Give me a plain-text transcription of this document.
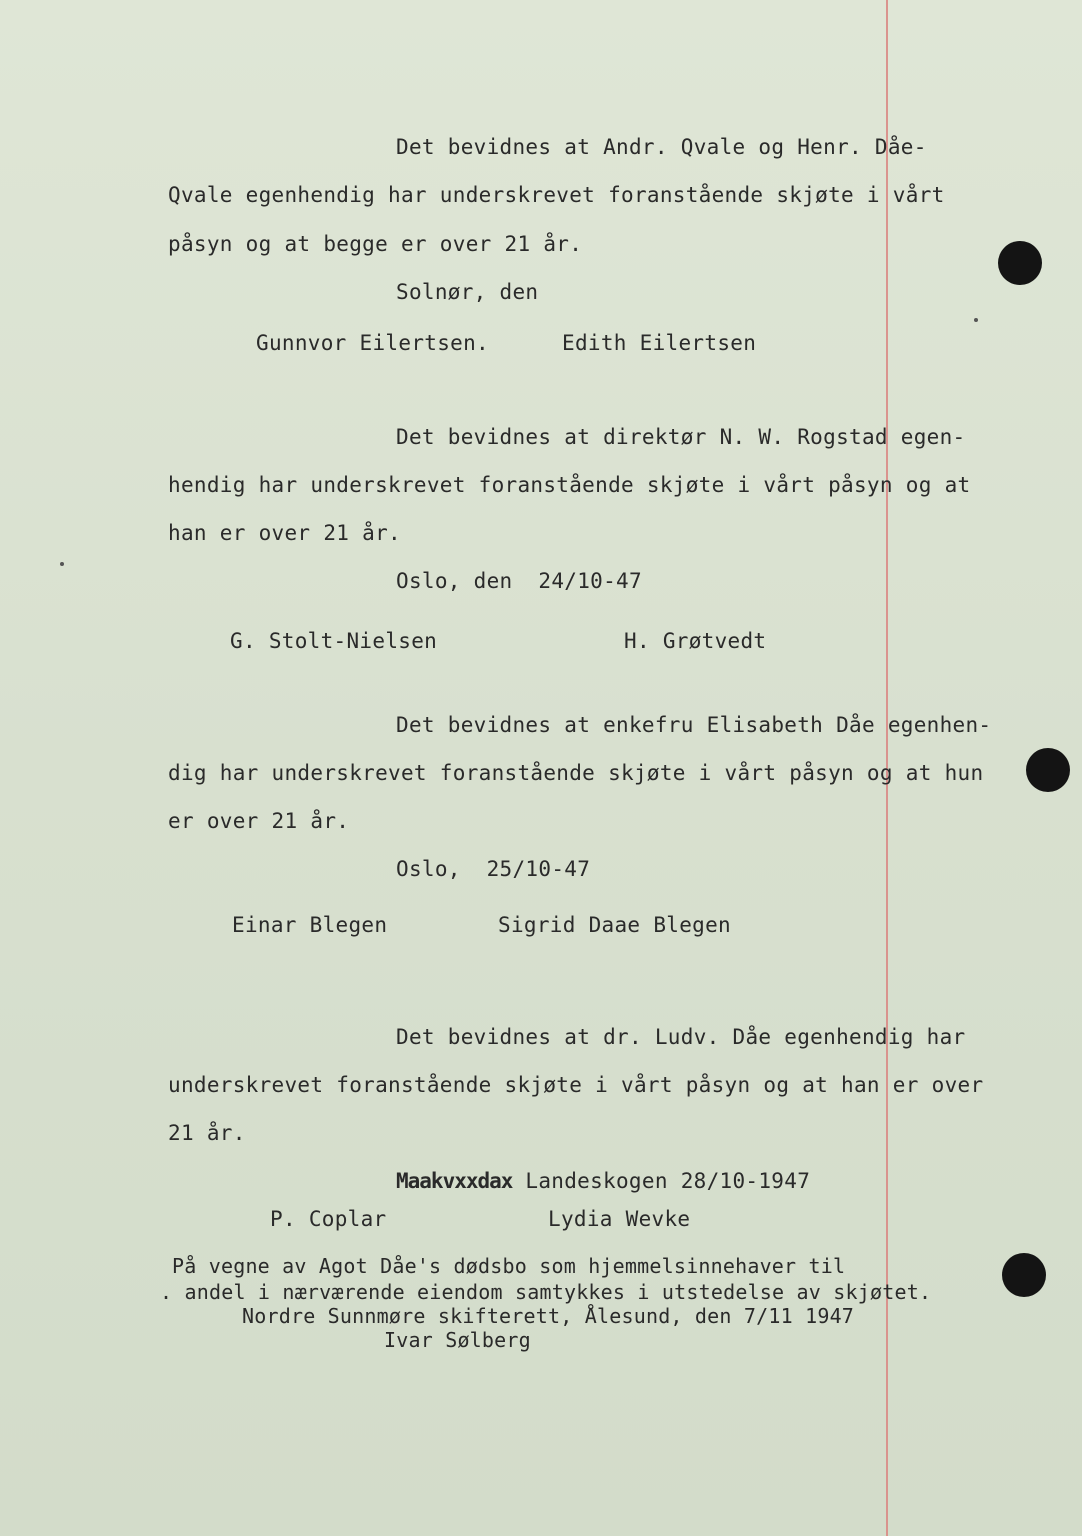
Det bevidnes at Andr. Qvale og Henr. Dåe-
Qvale egenhendig har underskrevet foranstående skjøte i vårt
påsyn og at begge er over 21 år.
Solnør, den
Gunnvor Eilertsen.	Edith Eilertsen
Det bevidnes at direktør N. W. Rogstad egen-
hendig har underskrevet foranstående skjøte i vårt påsyn og at
han er over 21 år.
Oslo, den  24/10-47
G. Stolt-Nielsen	H. Grøtvedt
Det bevidnes at enkefru Elisabeth Dåe egenhen-
dig har underskrevet foranstående skjøte i vårt påsyn og at hun
er over 21 år.
Oslo,  25/10-47
Einar Blegen	Sigrid Daae Blegen
Det bevidnes at dr. Ludv. Dåe egenhendig har
underskrevet foranstående skjøte i vårt påsyn og at han er over
21 år.
Maakvxxdax Landeskogen 28/10-1947
P. Coplar	Lydia Wevke
På vegne av Agot Dåe's dødsbo som hjemmelsinnehaver til
. andel i nærværende eiendom samtykkes i utstedelse av skjøtet.
Nordre Sunnmøre skifterett, Ålesund, den 7/11 1947
Ivar Sølberg
